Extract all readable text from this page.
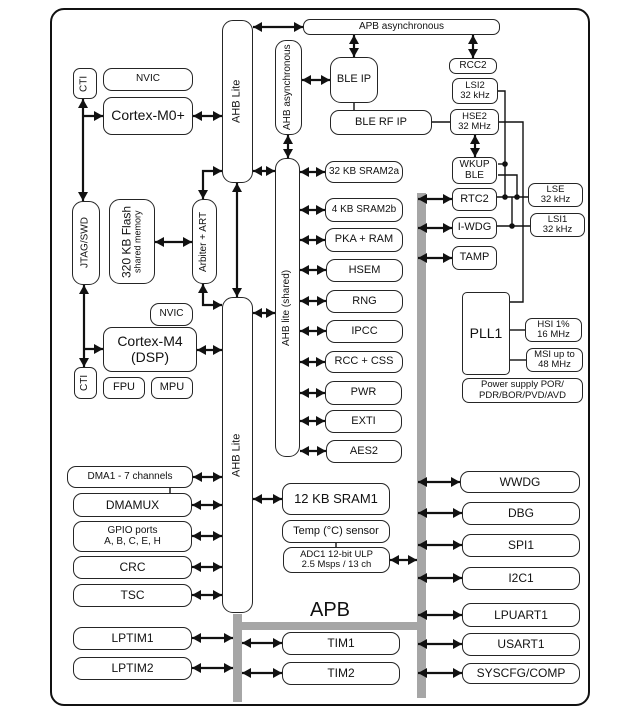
CTI	NVIC
Cortex-M0+	AHB Lite	AHB asynchronous
APB asynchronous
AHB lite (shared)
AHB Lite
Arbiter + ART
APB
BLE IP
BLE RF IP
WKUP
BLE
RCC2
LSI2
32 kHz
HSE2
32 MHz
RTC2
I-WDG
TAMP
LSE
32 kHz
LSI1
32 kHz
PLL1
HSI 1%
16 MHz
MSI up to
48 MHz
Power supply POR/
PDR/BOR/PVD/AVD
JTAG/SWD	320 KB Flash
shared memory
NVIC
Cortex-M4
(DSP)
CTI	FPU	MPU
32 KB SRAM2a
4 KB SRAM2b
PKA + RAM
HSEM
RNG
IPCC
RCC + CSS
PWR
EXTI
AES2
DMA1 - 7 channels
DMAMUX
GPIO ports
A, B, C, E, H
CRC
TSC
LPTIM1
LPTIM2
12 KB SRAM1
Temp (°C) sensor
ADC1 12-bit ULP
2.5 Msps / 13 ch
TIM1
TIM2
WWDG
DBG
SPI1
I2C1
LPUART1
USART1
SYSCFG/COMP
